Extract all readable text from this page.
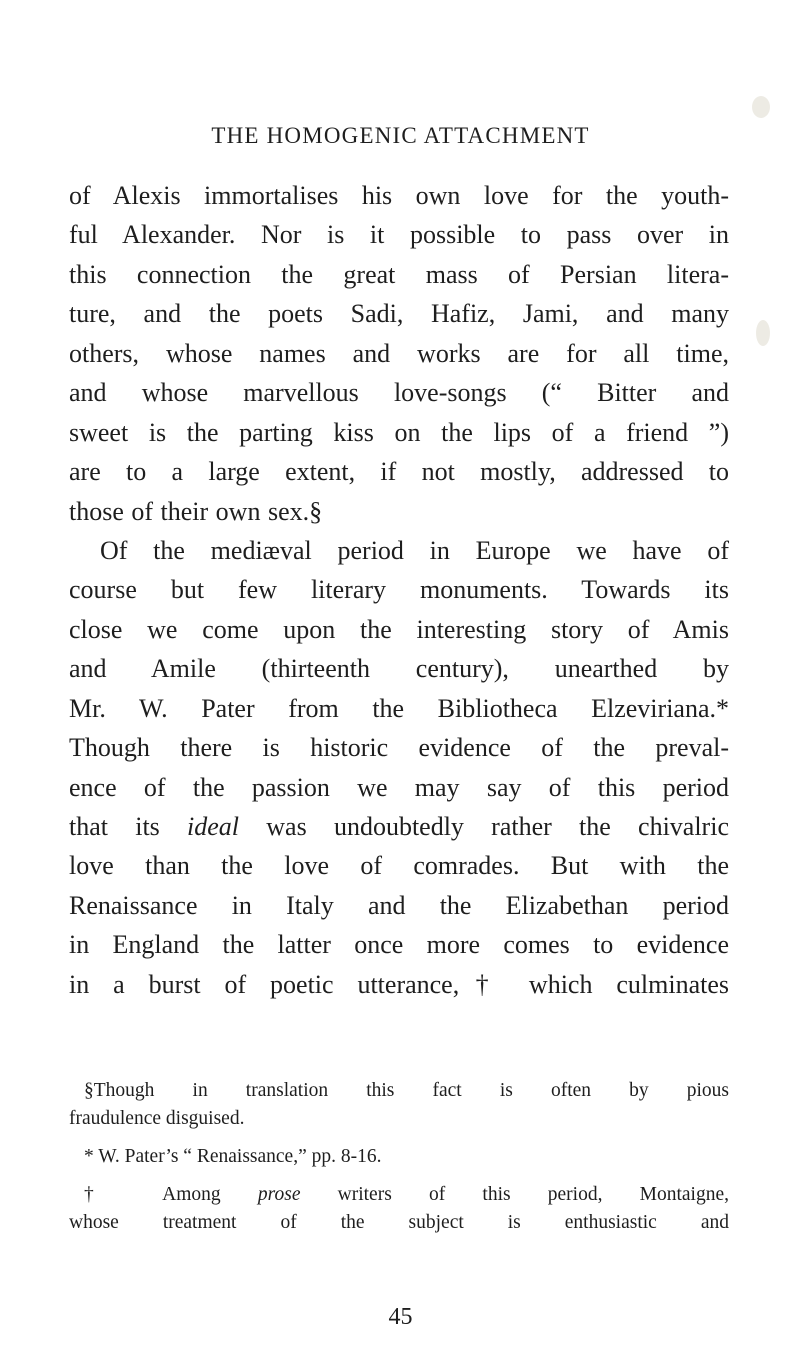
THE HOMOGENIC ATTACHMENT
of Alexis immortalises his own love for the youth-
ful Alexander. Nor is it possible to pass over in
this connection the great mass of Persian litera-
ture, and the poets Sadi, Hafiz, Jami, and many
others, whose names and works are for all time,
and whose marvellous love-songs (“ Bitter and
sweet is the parting kiss on the lips of a friend ”)
are to a large extent, if not mostly, addressed to
those of their own sex.§
Of the mediæval period in Europe we have of
course but few literary monuments. Towards its
close we come upon the interesting story of Amis
and Amile (thirteenth century), unearthed by
Mr. W. Pater from the Bibliotheca Elzeviriana.*
Though there is historic evidence of the preval-
ence of the passion we may say of this period
that its ideal was undoubtedly rather the chivalric
love than the love of comrades. But with the
Renaissance in Italy and the Elizabethan period
in England the latter once more comes to evidence
in a burst of poetic utterance,† which culminates
§Though in translation this fact is often by pious
fraudulence disguised.
* W. Pater’s “ Renaissance,” pp. 8-16.
† Among prose writers of this period, Montaigne,
whose treatment of the subject is enthusiastic and
45
